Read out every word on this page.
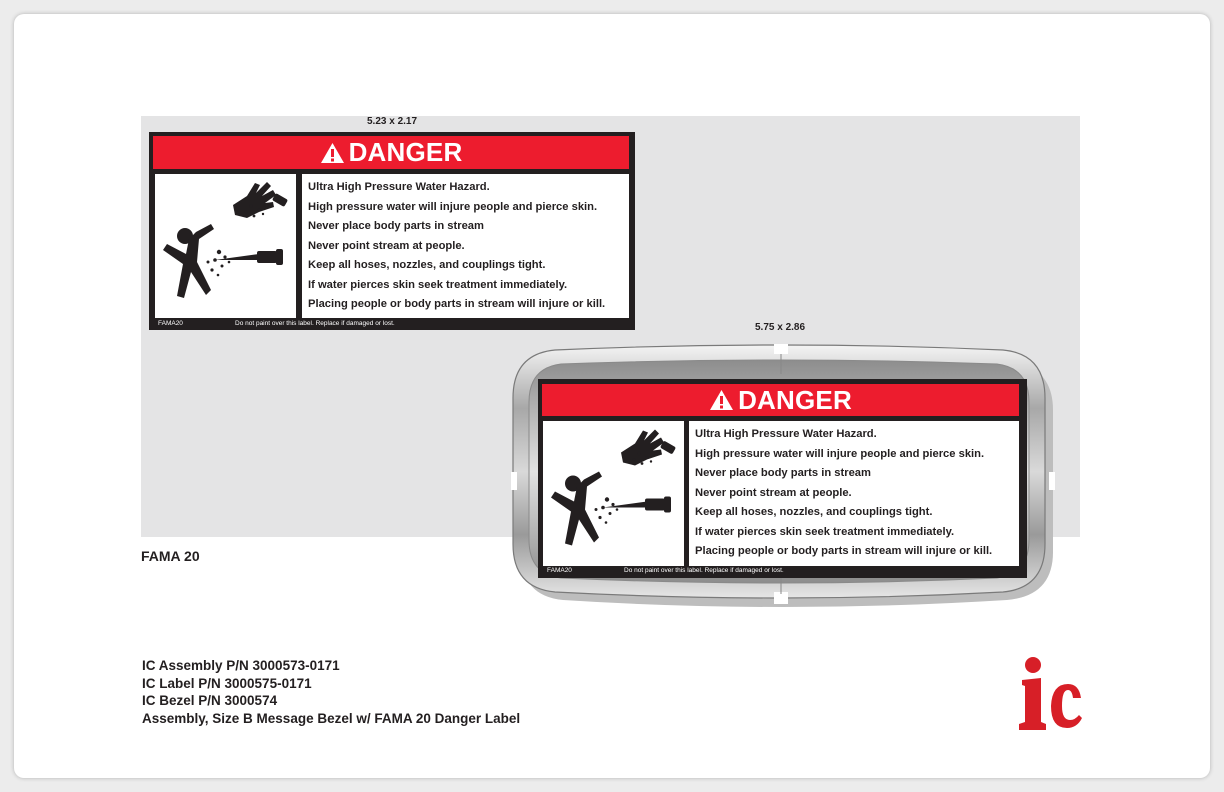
5.23 x 2.17
DANGER
Ultra High Pressure Water Hazard.
High pressure water will injure people and pierce skin.
Never place body parts in stream
Never point stream at people.
Keep all hoses, nozzles, and couplings tight.
If water pierces skin seek treatment immediately.
Placing people or body parts in stream will injure or kill.
FAMA20	Do not paint over this label. Replace if damaged or lost.	5.75 x 2.86
DANGER
Ultra High Pressure Water Hazard.
High pressure water will injure people and pierce skin.
Never place body parts in stream
Never point stream at people.
Keep all hoses, nozzles, and couplings tight.
If water pierces skin seek treatment immediately.
Placing people or body parts in stream will injure or kill.
FAMA20	Do not paint over this label. Replace if damaged or lost.
FAMA 20
IC Assembly P/N 3000573-0171
IC Label P/N 3000575-0171
IC Bezel P/N 3000574
Assembly, Size B Message Bezel w/ FAMA 20 Danger Label
